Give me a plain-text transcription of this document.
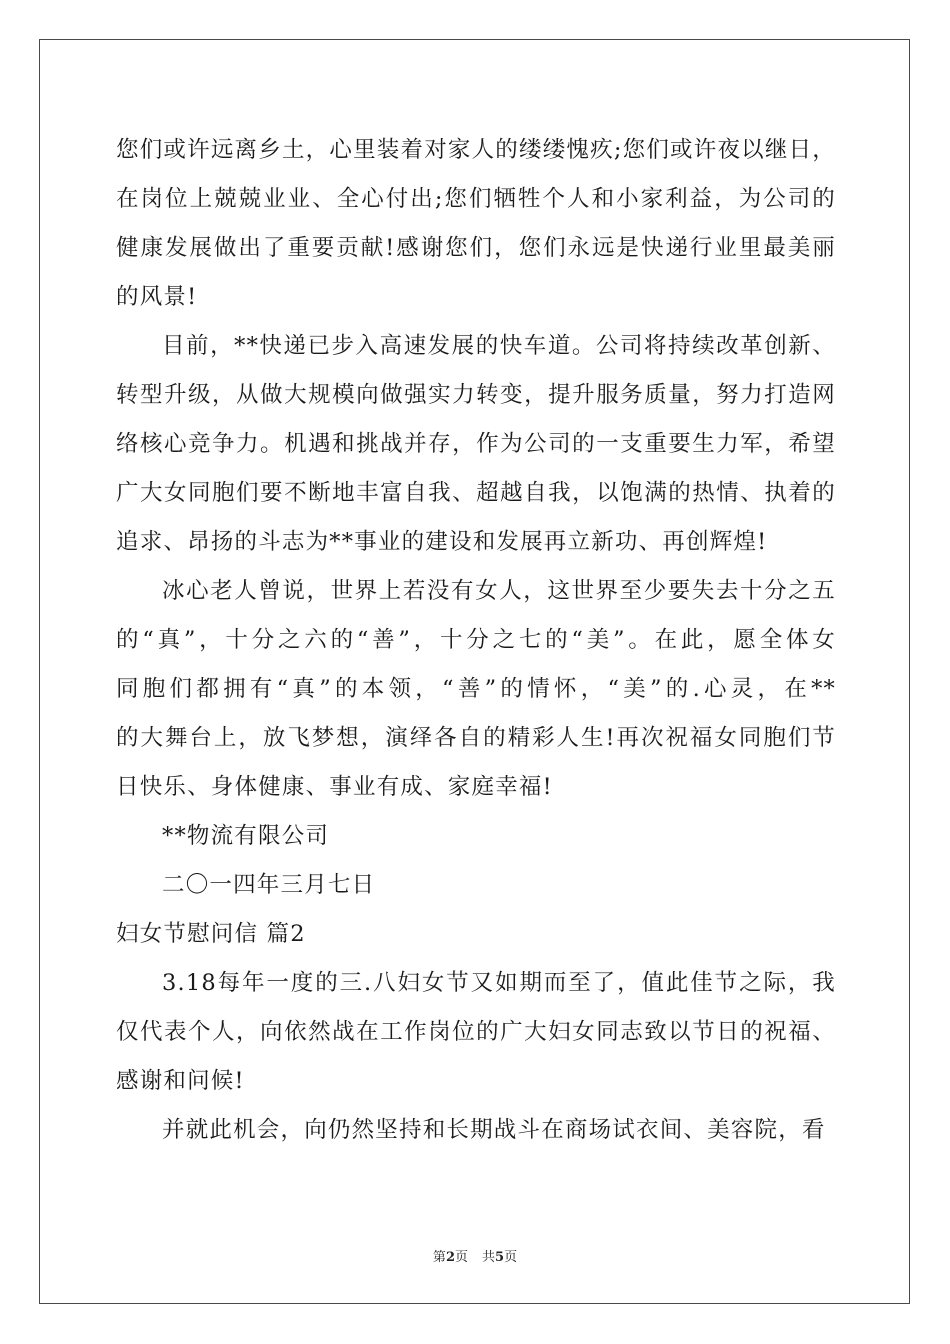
您们或许远离乡土，心里装着对家人的缕缕愧疚;您们或许夜以继日，
在岗位上兢兢业业、全心付出;您们牺牲个人和小家利益，为公司的
健康发展做出了重要贡献!感谢您们，您们永远是快递行业里最美丽
的风景!
目前，**快递已步入高速发展的快车道。公司将持续改革创新、
转型升级，从做大规模向做强实力转变，提升服务质量，努力打造网
络核心竞争力。机遇和挑战并存，作为公司的一支重要生力军，希望
广大女同胞们要不断地丰富自我、超越自我，以饱满的热情、执着的
追求、昂扬的斗志为**事业的建设和发展再立新功、再创辉煌!
冰心老人曾说，世界上若没有女人，这世界至少要失去十分之五
的“真”，十分之六的“善”，十分之七的“美”。在此，愿全体女
同胞们都拥有“真”的本领，“善”的情怀，“美”的.心灵，在**
的大舞台上，放飞梦想，演绎各自的精彩人生!再次祝福女同胞们节
日快乐、身体健康、事业有成、家庭幸福!
**物流有限公司
二〇一四年三月七日
妇女节慰问信 篇2
3.18每年一度的三.八妇女节又如期而至了，值此佳节之际，我
仅代表个人，向依然战在工作岗位的广大妇女同志致以节日的祝福、
感谢和问候!
并就此机会，向仍然坚持和长期战斗在商场试衣间、美容院，看
第2页 共5页
